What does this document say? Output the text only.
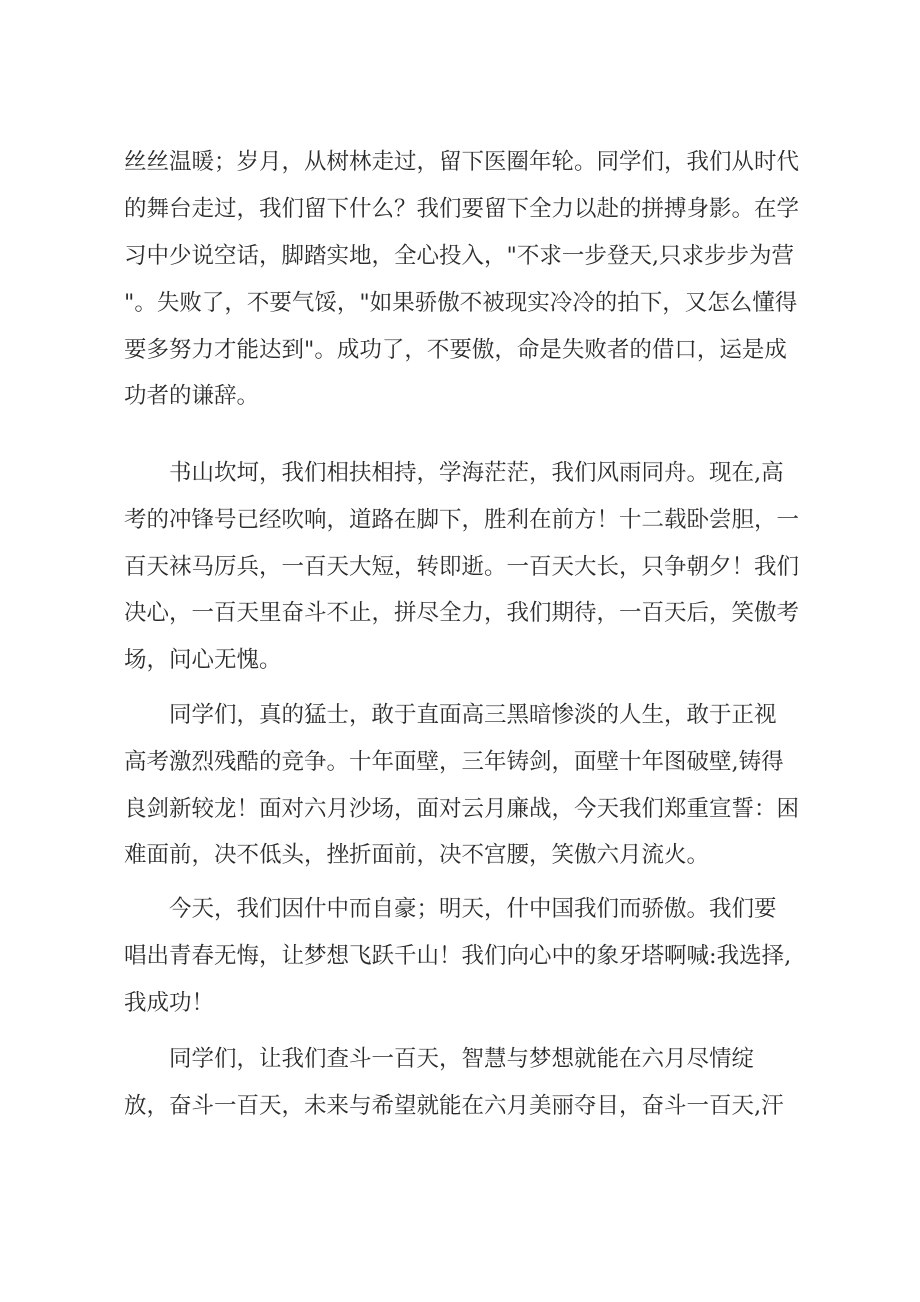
丝丝温暖；岁月，从树林走过，留下医圈年轮。同学们，我们从时代
的舞台走过，我们留下什么？我们要留下全力以赴的拼搏身影。在学
习中少说空话，脚踏实地，全心投入，"不求一步登天,只求步步为营
"。失败了，不要气馁，"如果骄傲不被现实冷冷的拍下，又怎么懂得
要多努力才能达到"。成功了，不要傲，命是失败者的借口，运是成
功者的谦辞。
　　书山坎坷，我们相扶相持，学海茫茫，我们风雨同舟。现在,高
考的冲锋号已经吹响，道路在脚下，胜利在前方！十二载卧尝胆，一
百天袜马厉兵，一百天大短，转即逝。一百天大长，只争朝夕！我们
决心，一百天里奋斗不止，拼尽全力，我们期待，一百天后，笑傲考
场，问心无愧。
　　同学们，真的猛士，敢于直面高三黑暗惨淡的人生，敢于正视
高考激烈残酷的竞争。十年面壁，三年铸剑，面壁十年图破壁,铸得
良剑新较龙！面对六月沙场，面对云月廉战，今天我们郑重宣誓：困
难面前，决不低头，挫折面前，决不宫腰，笑傲六月流火。
　　今天，我们因什中而自豪；明天，什中国我们而骄傲。我们要
唱出青春无悔，让梦想飞跃千山！我们向心中的象牙塔啊喊:我选择,
我成功！
　　同学们，让我们查斗一百天，智慧与梦想就能在六月尽情绽
放，奋斗一百天，未来与希望就能在六月美丽夺目，奋斗一百天,汗
